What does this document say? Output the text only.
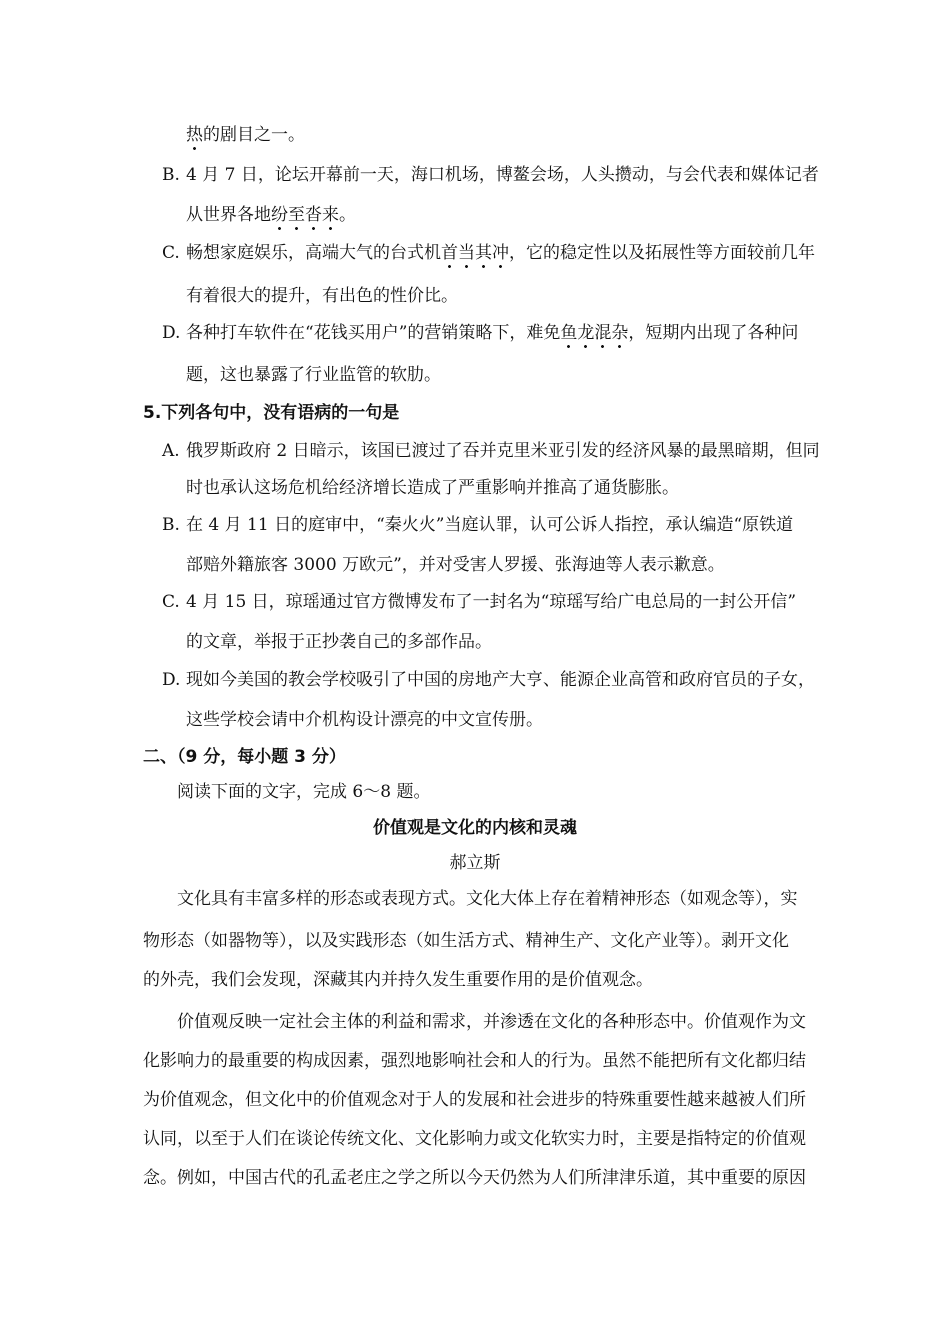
热的剧目之一。
B. 4 月 7 日，论坛开幕前一天，海口机场，博鳌会场，人头攒动，与会代表和媒体记者
从世界各地纷至沓来。
C. 畅想家庭娱乐，高端大气的台式机首当其冲，它的稳定性以及拓展性等方面较前几年
有着很大的提升，有出色的性价比。
D. 各种打车软件在“花钱买用户”的营销策略下，难免鱼龙混杂，短期内出现了各种问
题，这也暴露了行业监管的软肋。
5.下列各句中，没有语病的一句是
A. 俄罗斯政府 2 日暗示，该国已渡过了吞并克里米亚引发的经济风暴的最黑暗期，但同
时也承认这场危机给经济增长造成了严重影响并推高了通货膨胀。
B. 在 4 月 11 日的庭审中，“秦火火”当庭认罪，认可公诉人指控，承认编造“原铁道
部赔外籍旅客 3000 万欧元”，并对受害人罗援、张海迪等人表示歉意。
C. 4 月 15 日，琼瑶通过官方微博发布了一封名为“琼瑶写给广电总局的一封公开信”
的文章，举报于正抄袭自己的多部作品。
D. 现如今美国的教会学校吸引了中国的房地产大亨、能源企业高管和政府官员的子女，
这些学校会请中介机构设计漂亮的中文宣传册。
二、（9 分，每小题 3 分）
阅读下面的文字，完成 6～8 题。
价值观是文化的内核和灵魂
郝立斯
文化具有丰富多样的形态或表现方式。文化大体上存在着精神形态（如观念等），实
物形态（如器物等），以及实践形态（如生活方式、精神生产、文化产业等）。剥开文化
的外壳，我们会发现，深藏其内并持久发生重要作用的是价值观念。
价值观反映一定社会主体的利益和需求，并渗透在文化的各种形态中。价值观作为文
化影响力的最重要的构成因素，强烈地影响社会和人的行为。虽然不能把所有文化都归结
为价值观念，但文化中的价值观念对于人的发展和社会进步的特殊重要性越来越被人们所
认同，以至于人们在谈论传统文化、文化影响力或文化软实力时，主要是指特定的价值观
念。例如，中国古代的孔孟老庄之学之所以今天仍然为人们所津津乐道，其中重要的原因
